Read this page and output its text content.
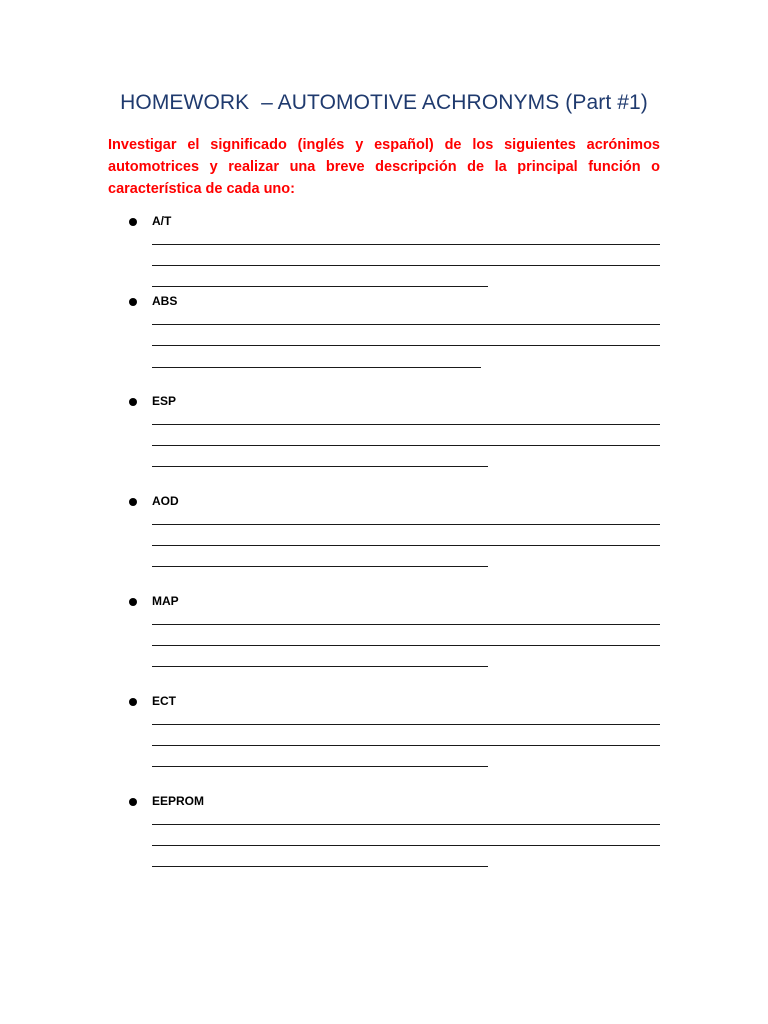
HOMEWORK  – AUTOMOTIVE ACHRONYMS (Part #1)
Investigar el significado (inglés y español) de los siguientes acrónimos automotrices y realizar una breve descripción de la principal función o característica de cada uno:
A/T
ABS
ESP
AOD
MAP
ECT
EEPROM
